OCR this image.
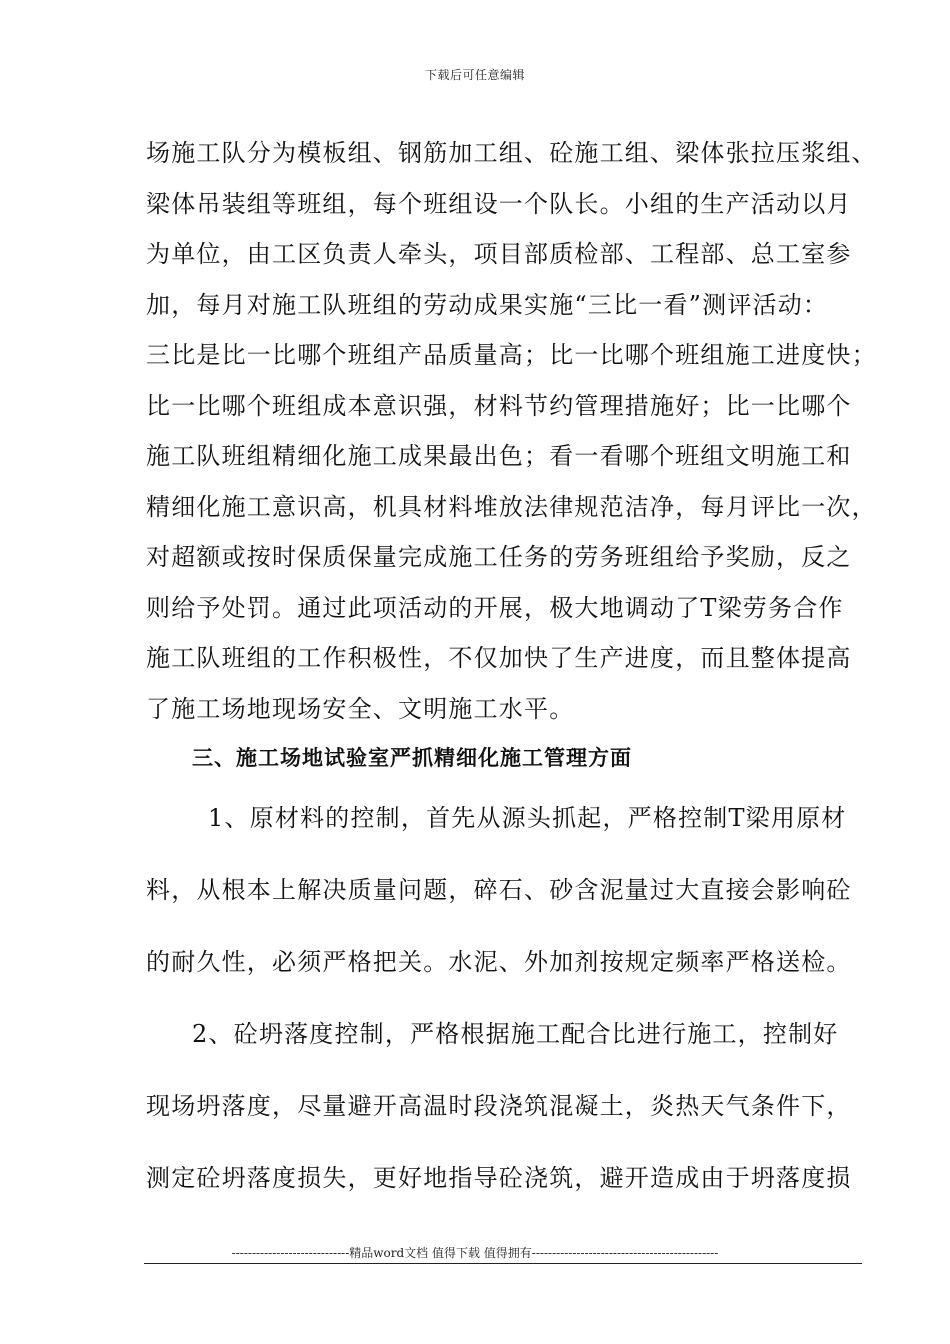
下载后可任意编辑
场施工队分为模板组、钢筋加工组、砼施工组、梁体张拉压浆组、
梁体吊装组等班组，每个班组设一个队长。小组的生产活动以月
为单位，由工区负责人牵头，项目部质检部、工程部、总工室参
加，每月对施工队班组的劳动成果实施“三比一看”测评活动：
三比是比一比哪个班组产品质量高；比一比哪个班组施工进度快；
比一比哪个班组成本意识强，材料节约管理措施好；比一比哪个
施工队班组精细化施工成果最出色；看一看哪个班组文明施工和
精细化施工意识高，机具材料堆放法律规范洁净，每月评比一次，
对超额或按时保质保量完成施工任务的劳务班组给予奖励，反之
则给予处罚。通过此项活动的开展，极大地调动了T梁劳务合作
施工队班组的工作积极性，不仅加快了生产进度，而且整体提高
了施工场地现场安全、文明施工水平。
三、施工场地试验室严抓精细化施工管理方面
1、原材料的控制，首先从源头抓起，严格控制T梁用原材
料，从根本上解决质量问题，碎石、砂含泥量过大直接会影响砼
的耐久性，必须严格把关。水泥、外加剂按规定频率严格送检。
2、砼坍落度控制，严格根据施工配合比进行施工，控制好
现场坍落度，尽量避开高温时段浇筑混凝土，炎热天气条件下，
测定砼坍落度损失，更好地指导砼浇筑，避开造成由于坍落度损
-----------------------------精品word文档 值得下载 值得拥有----------------------------------------------
